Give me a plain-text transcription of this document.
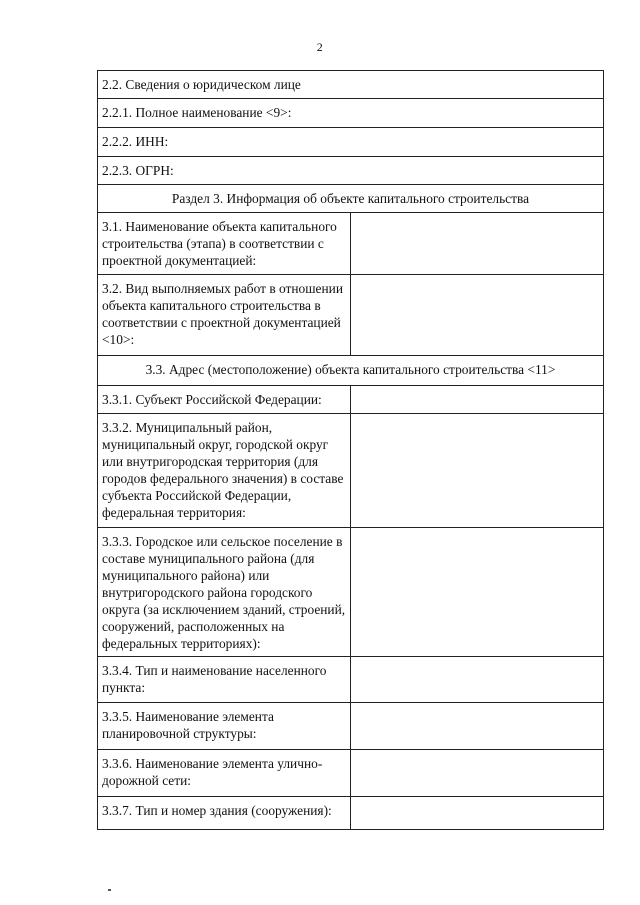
2
2.2. Сведения о юридическом лице	
2.2.1. Полное наименование <9>:	
2.2.2. ИНН:	
2.2.3. ОГРН:	
Раздел 3. Информация об объекте капитального строительства	
3.1. Наименование объекта капитального строительства (этапа) в соответствии с проектной документацией:	
3.2. Вид выполняемых работ в отношении объекта капитального строительства в соответствии с проектной документацией <10>:	
3.3. Адрес (местоположение) объекта капитального строительства <11>	
3.3.1. Субъект Российской Федерации:	
3.3.2. Муниципальный район, муниципальный округ, городской округ или внутригородская территория (для городов федерального значения) в составе субъекта Российской Федерации, федеральная территория:	
3.3.3. Городское или сельское поселение в составе муниципального района (для муниципального района) или внутригородского района городского округа (за исключением зданий, строений, сооружений, расположенных на федеральных территориях):	
3.3.4. Тип и наименование населенного пункта:	
3.3.5. Наименование элемента планировочной структуры:	
3.3.6. Наименование элемента улично-дорожной сети:	
3.3.7. Тип и номер здания (сооружения):	
